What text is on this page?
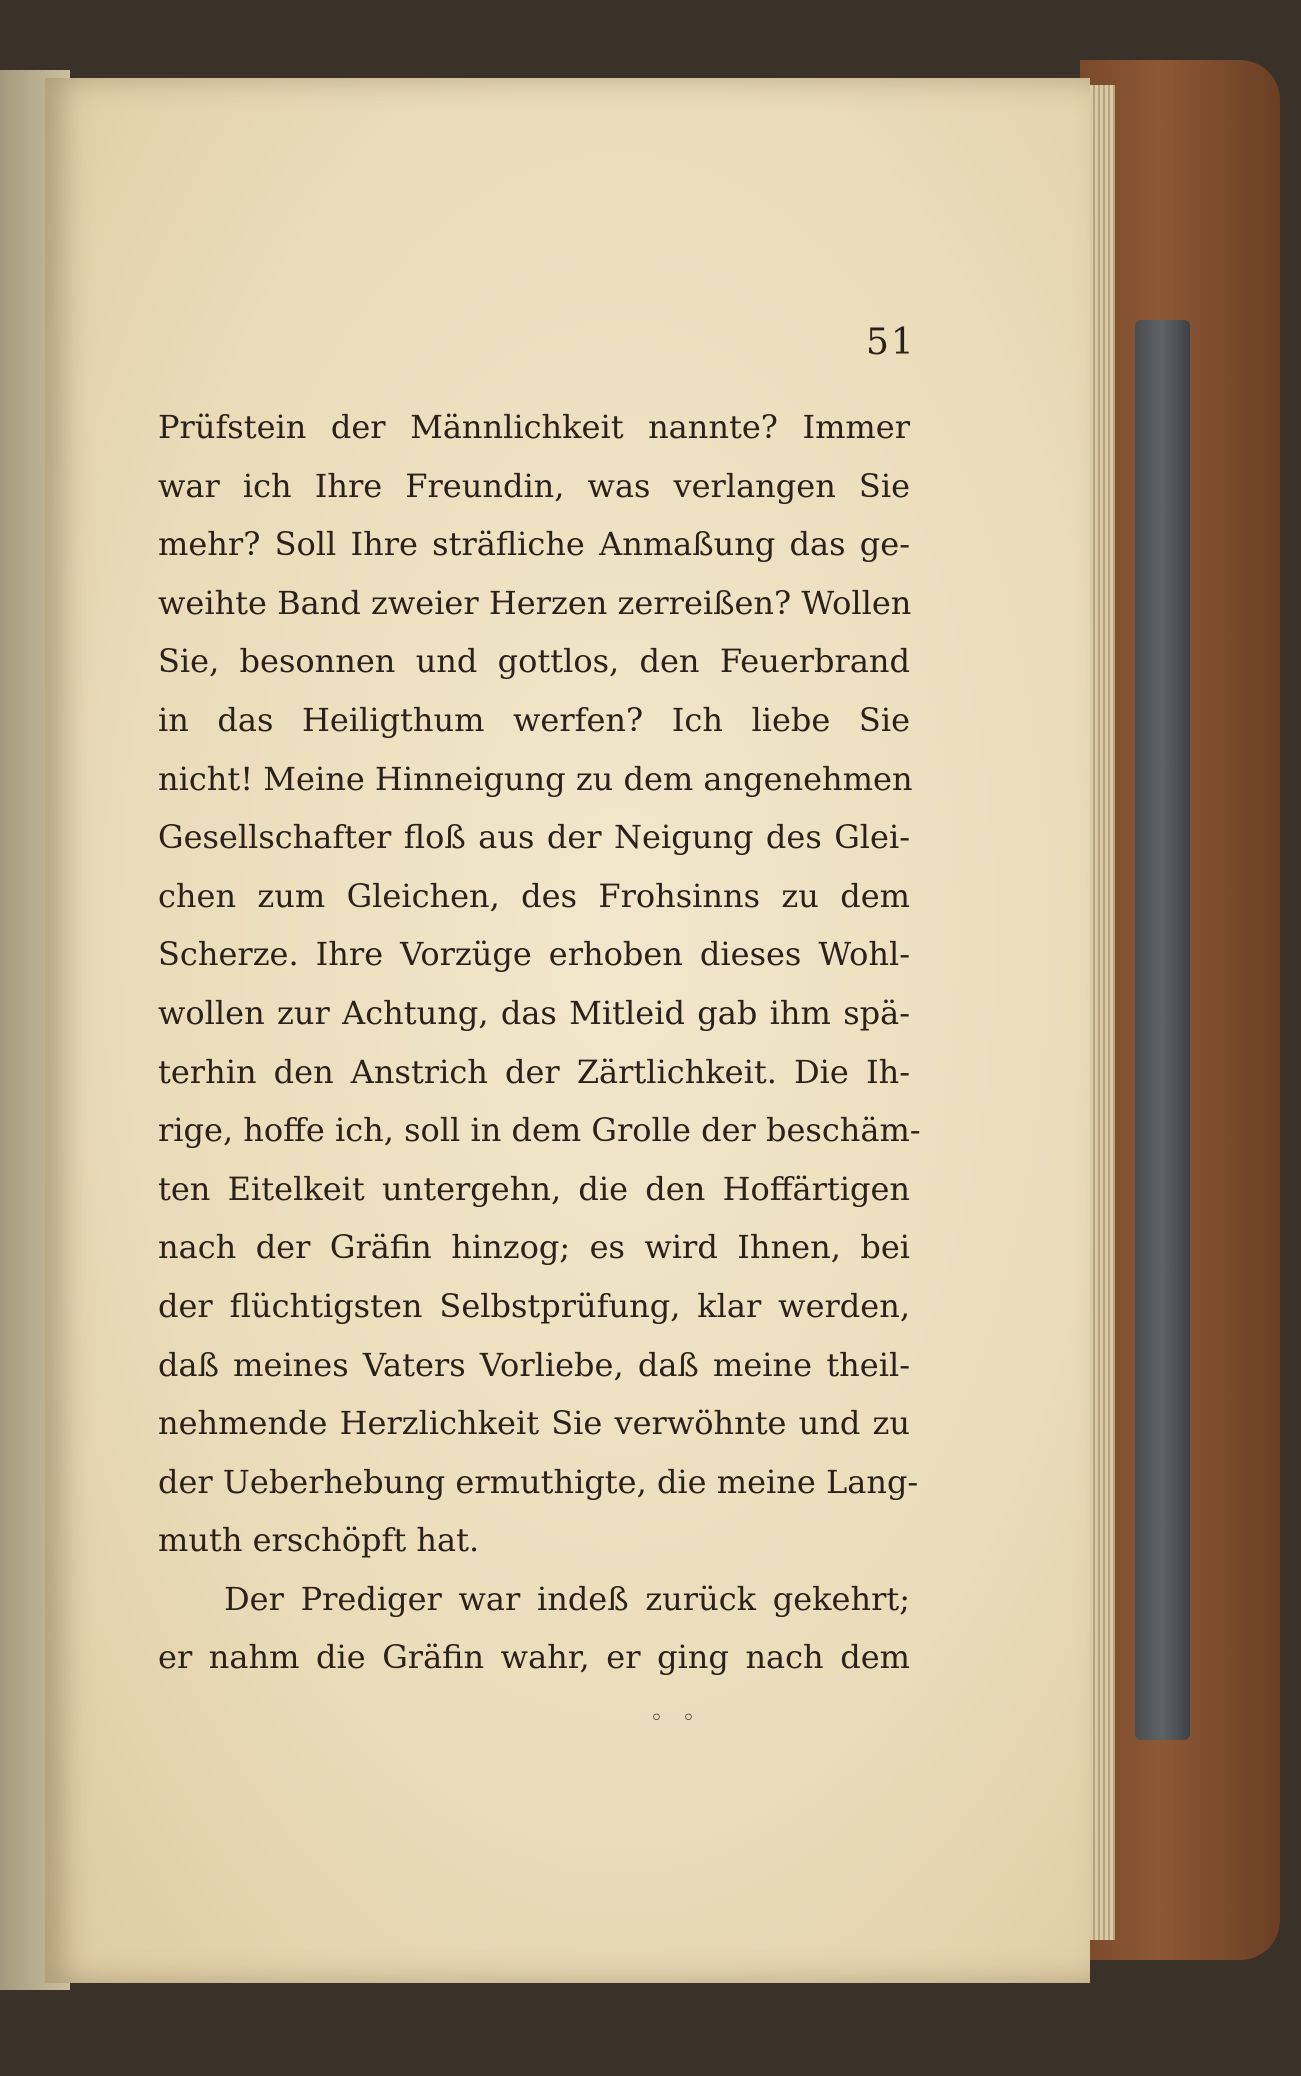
51
Prüfstein der Männlichkeit nannte? Immer
war ich Ihre Freundin, was verlangen Sie
mehr? Soll Ihre sträfliche Anmaßung das ge-
weihte Band zweier Herzen zerreißen? Wollen
Sie, besonnen und gottlos, den Feuerbrand
in das Heiligthum werfen? Ich liebe Sie
nicht! Meine Hinneigung zu dem angenehmen
Gesellschafter floß aus der Neigung des Glei-
chen zum Gleichen, des Frohsinns zu dem
Scherze. Ihre Vorzüge erhoben dieses Wohl-
wollen zur Achtung, das Mitleid gab ihm spä-
terhin den Anstrich der Zärtlichkeit. Die Ih-
rige, hoffe ich, soll in dem Grolle der beschäm-
ten Eitelkeit untergehn, die den Hoffärtigen
nach der Gräfin hinzog; es wird Ihnen, bei
der flüchtigsten Selbstprüfung, klar werden,
daß meines Vaters Vorliebe, daß meine theil-
nehmende Herzlichkeit Sie verwöhnte und zu
der Ueberhebung ermuthigte, die meine Lang-
muth erschöpft hat.
Der Prediger war indeß zurück gekehrt;
er nahm die Gräfin wahr, er ging nach dem
◦ ◦
